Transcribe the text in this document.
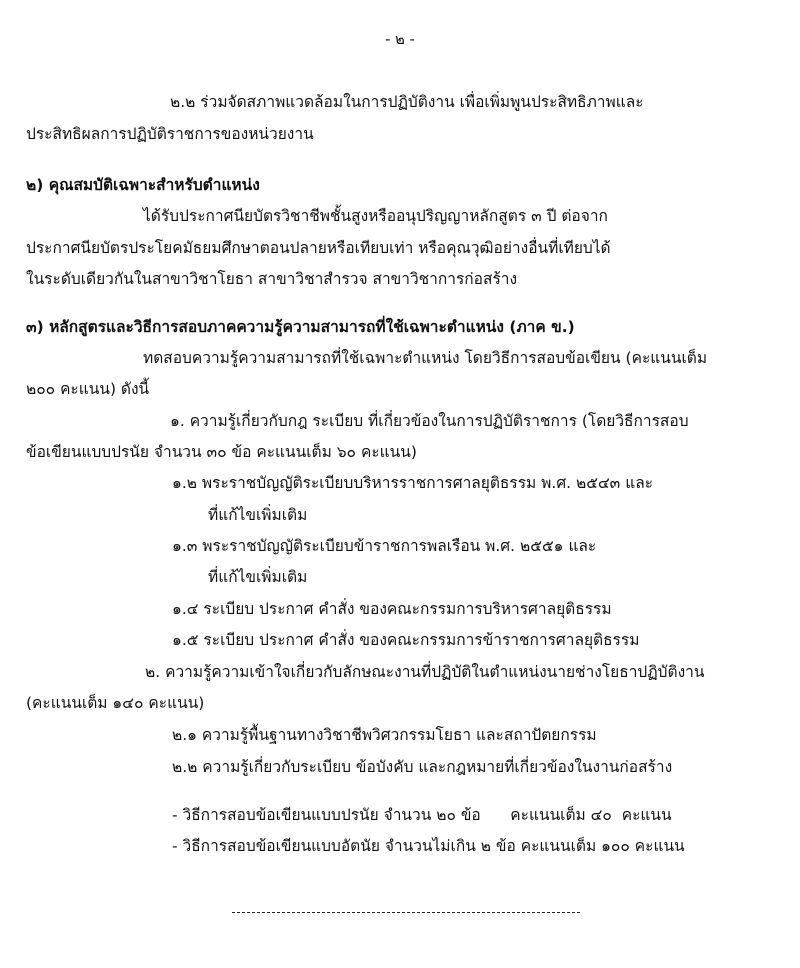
- ๒ -
๒.๒ ร่วมจัดสภาพแวดล้อมในการปฏิบัติงาน เพื่อเพิ่มพูนประสิทธิภาพและ
ประสิทธิผลการปฏิบัติราชการของหน่วยงาน
๒) คุณสมบัติเฉพาะสำหรับตำแหน่ง
ได้รับประกาศนียบัตรวิชาชีพชั้นสูงหรืออนุปริญญาหลักสูตร ๓ ปี ต่อจาก
ประกาศนียบัตรประโยคมัธยมศึกษาตอนปลายหรือเทียบเท่า หรือคุณวุฒิอย่างอื่นที่เทียบได้
ในระดับเดียวกันในสาขาวิชาโยธา สาขาวิชาสำรวจ สาขาวิชาการก่อสร้าง
๓) หลักสูตรและวิธีการสอบภาคความรู้ความสามารถที่ใช้เฉพาะตำแหน่ง (ภาค ข.)
ทดสอบความรู้ความสามารถที่ใช้เฉพาะตำแหน่ง โดยวิธีการสอบข้อเขียน (คะแนนเต็ม
๒๐๐ คะแนน) ดังนี้
๑. ความรู้เกี่ยวกับกฎ ระเบียบ ที่เกี่ยวข้องในการปฏิบัติราชการ (โดยวิธีการสอบ
ข้อเขียนแบบปรนัย จำนวน ๓๐ ข้อ คะแนนเต็ม ๖๐ คะแนน)
๑.๒ พระราชบัญญัติระเบียบบริหารราชการศาลยุติธรรม พ.ศ. ๒๕๔๓ และ
ที่แก้ไขเพิ่มเติม
๑.๓ พระราชบัญญัติระเบียบข้าราชการพลเรือน พ.ศ. ๒๕๕๑ และ
ที่แก้ไขเพิ่มเติม
๑.๔ ระเบียบ ประกาศ คำสั่ง ของคณะกรรมการบริหารศาลยุติธรรม
๑.๕ ระเบียบ ประกาศ คำสั่ง ของคณะกรรมการข้าราชการศาลยุติธรรม
๒. ความรู้ความเข้าใจเกี่ยวกับลักษณะงานที่ปฏิบัติในตำแหน่งนายช่างโยธาปฏิบัติงาน
(คะแนนเต็ม ๑๔๐ คะแนน)
๒.๑ ความรู้พื้นฐานทางวิชาชีพวิศวกรรมโยธา และสถาปัตยกรรม
๒.๒ ความรู้เกี่ยวกับระเบียบ ข้อบังคับ และกฎหมายที่เกี่ยวข้องในงานก่อสร้าง
- วิธีการสอบข้อเขียนแบบปรนัย จำนวน ๒๐ ข้อ      คะแนนเต็ม ๔๐  คะแนน
- วิธีการสอบข้อเขียนแบบอัตนัย จำนวนไม่เกิน ๒ ข้อ คะแนนเต็ม ๑๐๐ คะแนน
